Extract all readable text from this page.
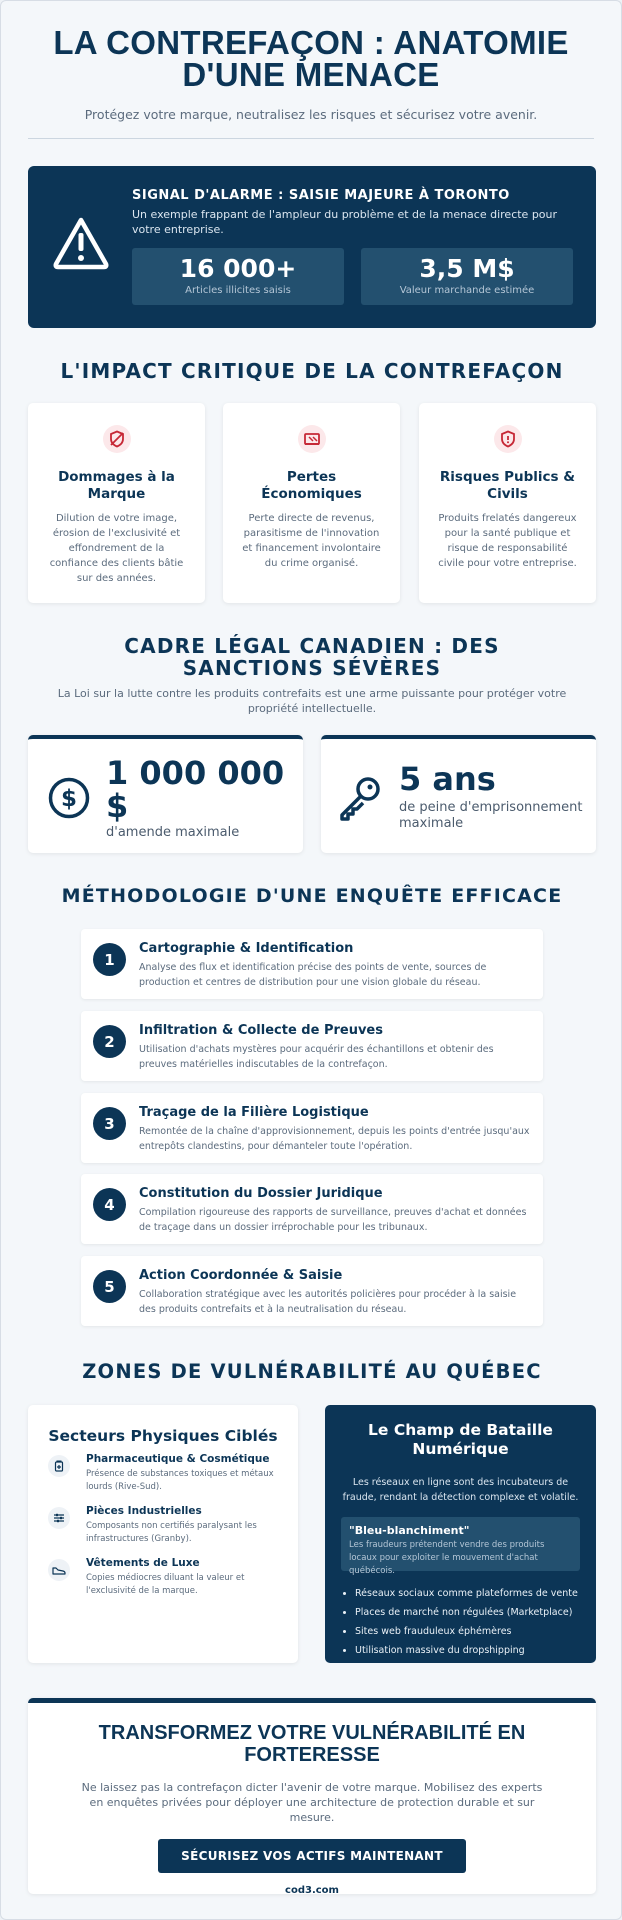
LA CONTREFAÇON : ANATOMIE D'UNE MENACE
Protégez votre marque, neutralisez les risques et sécurisez votre avenir.
SIGNAL D'ALARME : SAISIE MAJEURE À TORONTO
Un exemple frappant de l'ampleur du problème et de la menace directe pour votre entreprise.
16 000+
Articles illicites saisis
3,5 M$
Valeur marchande estimée
L'IMPACT CRITIQUE DE LA CONTREFAÇON
Dommages à la Marque

Dilution de votre image, érosion de l'exclusivité et effondrement de la confiance des clients bâtie sur des années.

Pertes Économiques

Perte directe de revenus, parasitisme de l'innovation et financement involontaire du crime organisé.

Risques Publics & Civils

Produits frelatés dangereux pour la santé publique et risque de responsabilité civile pour votre entreprise.

CADRE LÉGAL CANADIEN : DES SANCTIONS SÉVÈRES
La Loi sur la lutte contre les produits contrefaits est une arme puissante pour protéger votre propriété intellectuelle.
$
1 000 000 $
d'amende maximale
5 ans
de peine d'emprisonnement maximale
MÉTHODOLOGIE D'UNE ENQUÊTE EFFICACE
1
Cartographie & Identification

Analyse des flux et identification précise des points de vente, sources de production et centres de distribution pour une vision globale du réseau.

2
Infiltration & Collecte de Preuves

Utilisation d'achats mystères pour acquérir des échantillons et obtenir des preuves matérielles indiscutables de la contrefaçon.

3
Traçage de la Filière Logistique

Remontée de la chaîne d'approvisionnement, depuis les points d'entrée jusqu'aux entrepôts clandestins, pour démanteler toute l'opération.

4
Constitution du Dossier Juridique

Compilation rigoureuse des rapports de surveillance, preuves d'achat et données de traçage dans un dossier irréprochable pour les tribunaux.

5
Action Coordonnée & Saisie

Collaboration stratégique avec les autorités policières pour procéder à la saisie des produits contrefaits et à la neutralisation du réseau.

ZONES DE VULNÉRABILITÉ AU QUÉBEC
Secteurs Physiques Ciblés
Pharmaceutique & Cosmétique
Présence de substances toxiques et métaux lourds (Rive-Sud).
Pièces Industrielles
Composants non certifiés paralysant les infrastructures (Granby).
Vêtements de Luxe
Copies médiocres diluant la valeur et l'exclusivité de la marque.
Le Champ de Bataille Numérique
Les réseaux en ligne sont des incubateurs de fraude, rendant la détection complexe et volatile.
"Bleu-blanchiment"
Les fraudeurs prétendent vendre des produits locaux pour exploiter le mouvement d'achat québécois.
• Réseaux sociaux comme plateformes de vente
• Places de marché non régulées (Marketplace)
• Sites web frauduleux éphémères
• Utilisation massive du dropshipping
TRANSFORMEZ VOTRE VULNÉRABILITÉ EN FORTERESSE

Ne laissez pas la contrefaçon dicter l'avenir de votre marque. Mobilisez des experts en enquêtes privées pour déployer une architecture de protection durable et sur mesure.

SÉCURISEZ VOS ACTIFS MAINTENANT
cod3.com
